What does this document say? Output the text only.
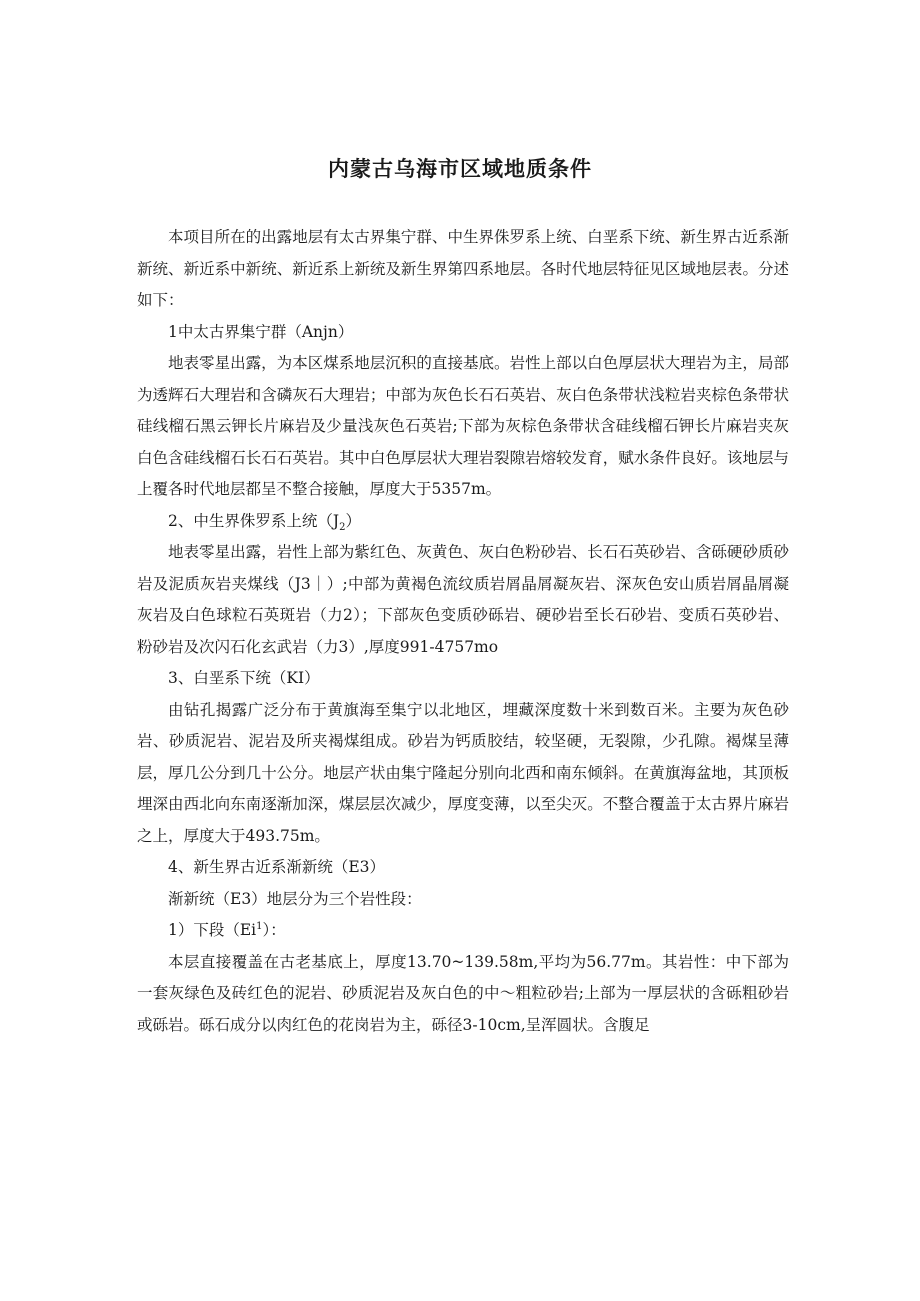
内蒙古乌海市区域地质条件

本项目所在的出露地层有太古界集宁群、中生界侏罗系上统、白垩系下统、新生界古近系渐新统、新近系中新统、新近系上新统及新生界第四系地层。各时代地层特征见区域地层表。分述如下：

1中太古界集宁群（Anjn）

地表零星出露，为本区煤系地层沉积的直接基底。岩性上部以白色厚层状大理岩为主，局部为透辉石大理岩和含磷灰石大理岩；中部为灰色长石石英岩、灰白色条带状浅粒岩夹棕色条带状硅线榴石黑云钾长片麻岩及少量浅灰色石英岩;下部为灰棕色条带状含硅线榴石钾长片麻岩夹灰白色含硅线榴石长石石英岩。其中白色厚层状大理岩裂隙岩熔较发育，赋水条件良好。该地层与上覆各时代地层都呈不整合接触，厚度大于5357m。

2、中生界侏罗系上统$(J_2)$

地表零星出露，岩性上部为紫红色、灰黄色、灰白色粉砂岩、长石石英砂岩、含砾硬砂质砂岩及泥质灰岩夹煤线（J3｜）;中部为黄褐色流纹质岩屑晶屑凝灰岩、深灰色安山质岩屑晶屑凝灰岩及白色球粒石英斑岩（力2）；下部灰色变质砂砾岩、硬砂岩至长石砂岩、变质石英砂岩、粉砂岩及次闪石化玄武岩（力3）,厚度991-4757mo

3、白垩系下统（KI）

由钻孔揭露广泛分布于黄旗海至集宁以北地区，埋藏深度数十米到数百米。主要为灰色砂岩、砂质泥岩、泥岩及所夹褐煤组成。砂岩为钙质胶结，较坚硬，无裂隙，少孔隙。褐煤呈薄层，厚几公分到几十公分。地层产状由集宁隆起分别向北西和南东倾斜。在黄旗海盆地，其顶板埋深由西北向东南逐渐加深，煤层层次减少，厚度变薄，以至尖灭。不整合覆盖于太古界片麻岩之上，厚度大于493.75m。

4、新生界古近系渐新统（E3）

渐新统（E3）地层分为三个岩性段：

1）下段（Ei$^1$）：

本层直接覆盖在古老基底上，厚度13.70~139.58m,平均为56.77m。其岩性：中下部为一套灰绿色及砖红色的泥岩、砂质泥岩及灰白色的中～粗粒砂岩;上部为一厚层状的含砾粗砂岩或砾岩。砾石成分以肉红色的花岗岩为主，砾径3-10cm,呈浑圆状。含腹足
